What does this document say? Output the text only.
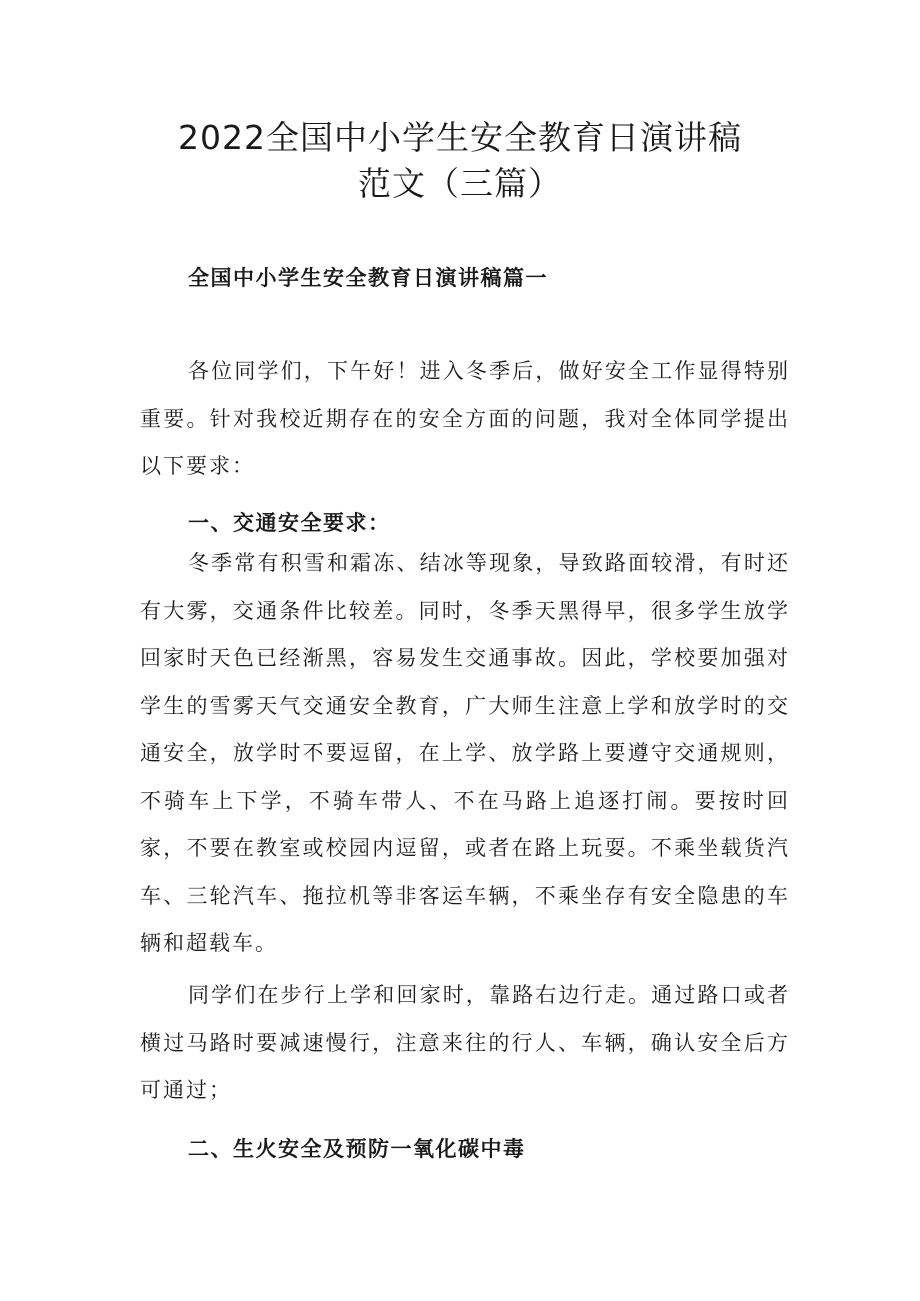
2022全国中小学生安全教育日演讲稿
范文（三篇）
全国中小学生安全教育日演讲稿篇一

各位同学们，下午好！进入冬季后，做好安全工作显得特别重要。针对我校近期存在的安全方面的问题，我对全体同学提出以下要求：

一、交通安全要求：

冬季常有积雪和霜冻、结冰等现象，导致路面较滑，有时还有大雾，交通条件比较差。同时，冬季天黑得早，很多学生放学回家时天色已经渐黑，容易发生交通事故。因此，学校要加强对学生的雪雾天气交通安全教育，广大师生注意上学和放学时的交通安全，放学时不要逗留，在上学、放学路上要遵守交通规则，不骑车上下学，不骑车带人、不在马路上追逐打闹。要按时回家，不要在教室或校园内逗留，或者在路上玩耍。不乘坐载货汽车、三轮汽车、拖拉机等非客运车辆，不乘坐存有安全隐患的车辆和超载车。

同学们在步行上学和回家时，靠路右边行走。通过路口或者横过马路时要减速慢行，注意来往的行人、车辆，确认安全后方可通过；

二、生火安全及预防一氧化碳中毒
